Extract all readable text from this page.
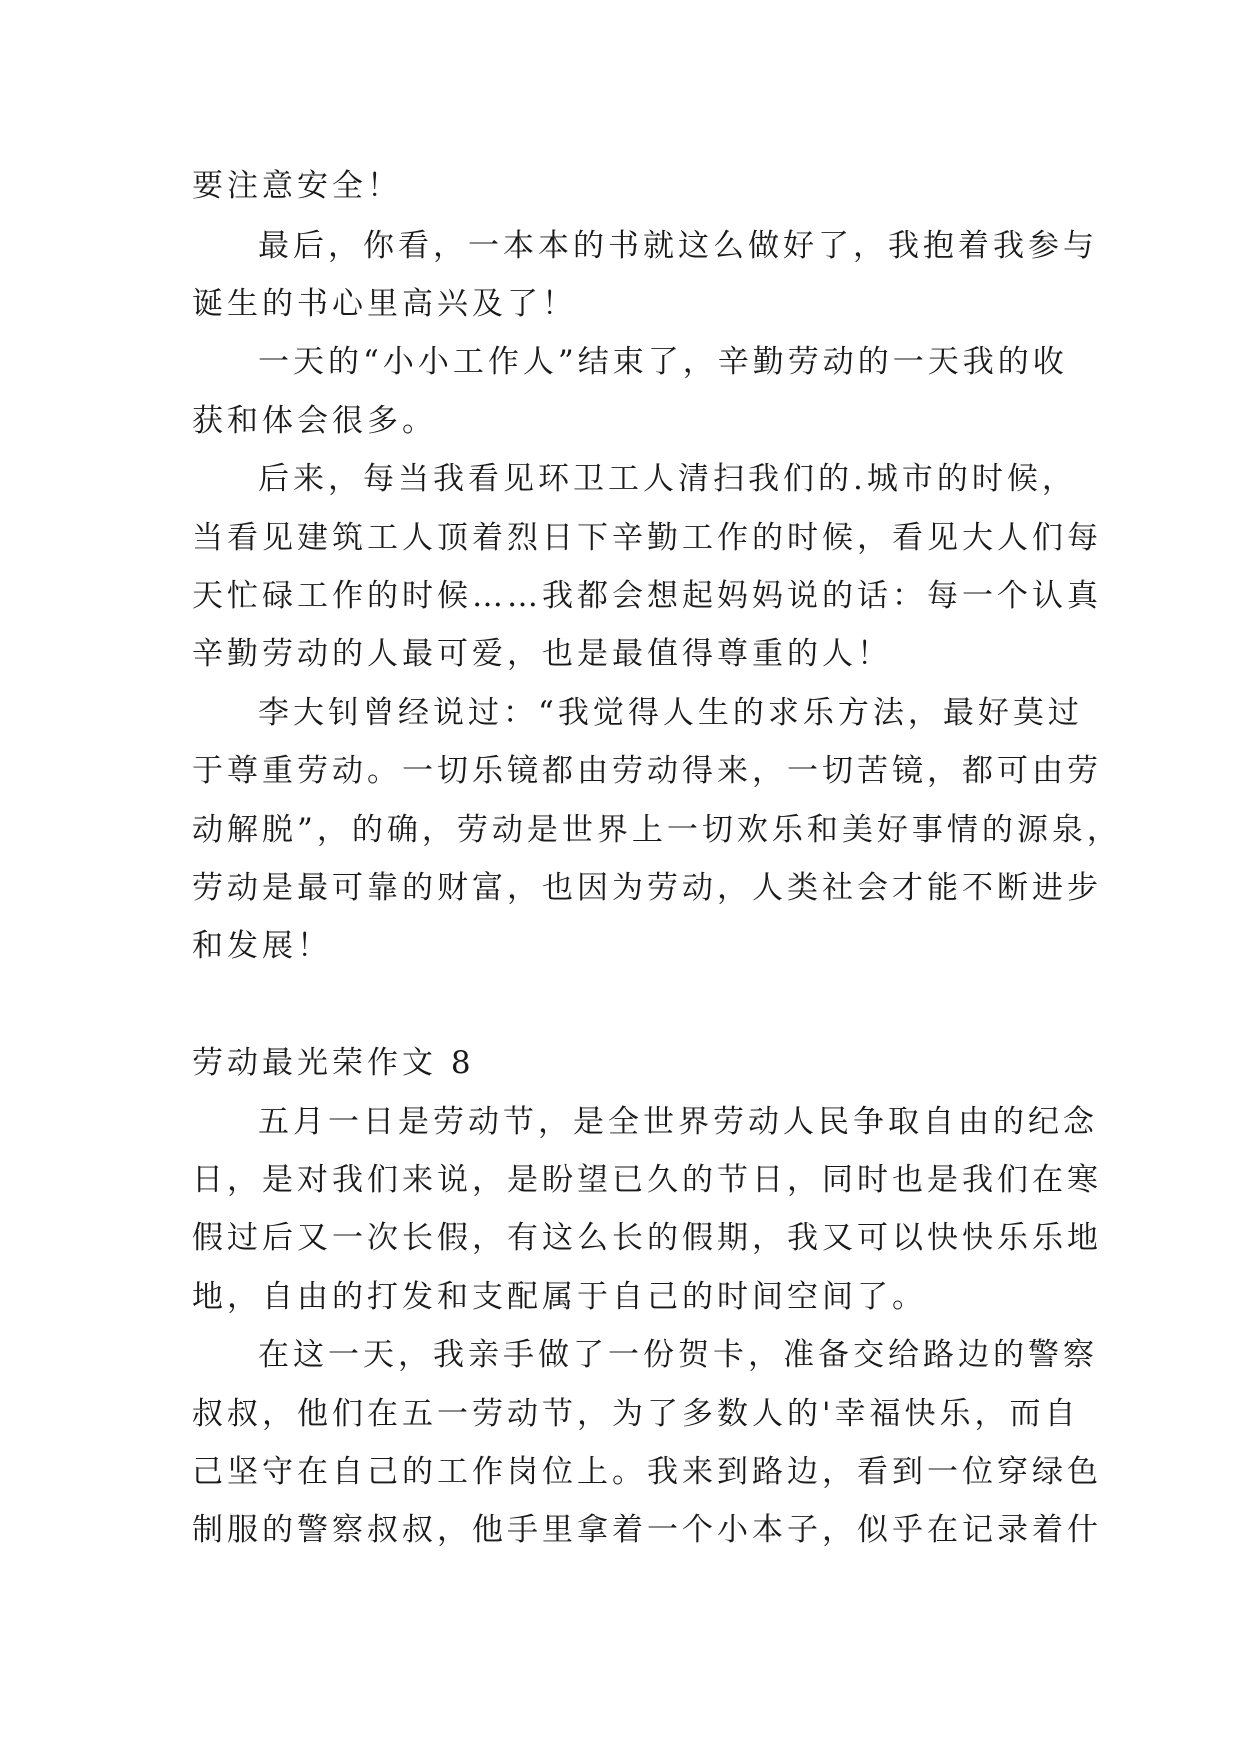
要注意安全！

最后，你看，一本本的书就这么做好了，我抱着我参与

诞生的书心里高兴及了！

一天的“小小工作人”结束了，辛勤劳动的一天我的收

获和体会很多。

后来，每当我看见环卫工人清扫我们的.城市的时候，

当看见建筑工人顶着烈日下辛勤工作的时候，看见大人们每

天忙碌工作的时候……我都会想起妈妈说的话：每一个认真

辛勤劳动的人最可爱，也是最值得尊重的人！

李大钊曾经说过：“我觉得人生的求乐方法，最好莫过

于尊重劳动。一切乐镜都由劳动得来，一切苦镜，都可由劳

动解脱”，的确，劳动是世界上一切欢乐和美好事情的源泉，

劳动是最可靠的财富，也因为劳动，人类社会才能不断进步

和发展！

劳动最光荣作文 8

五月一日是劳动节，是全世界劳动人民争取自由的纪念

日，是对我们来说，是盼望已久的节日，同时也是我们在寒

假过后又一次长假，有这么长的假期，我又可以快快乐乐地

地，自由的打发和支配属于自己的时间空间了。

在这一天，我亲手做了一份贺卡，准备交给路边的警察

叔叔，他们在五一劳动节，为了多数人的'幸福快乐，而自

己坚守在自己的工作岗位上。我来到路边，看到一位穿绿色

制服的警察叔叔，他手里拿着一个小本子，似乎在记录着什
